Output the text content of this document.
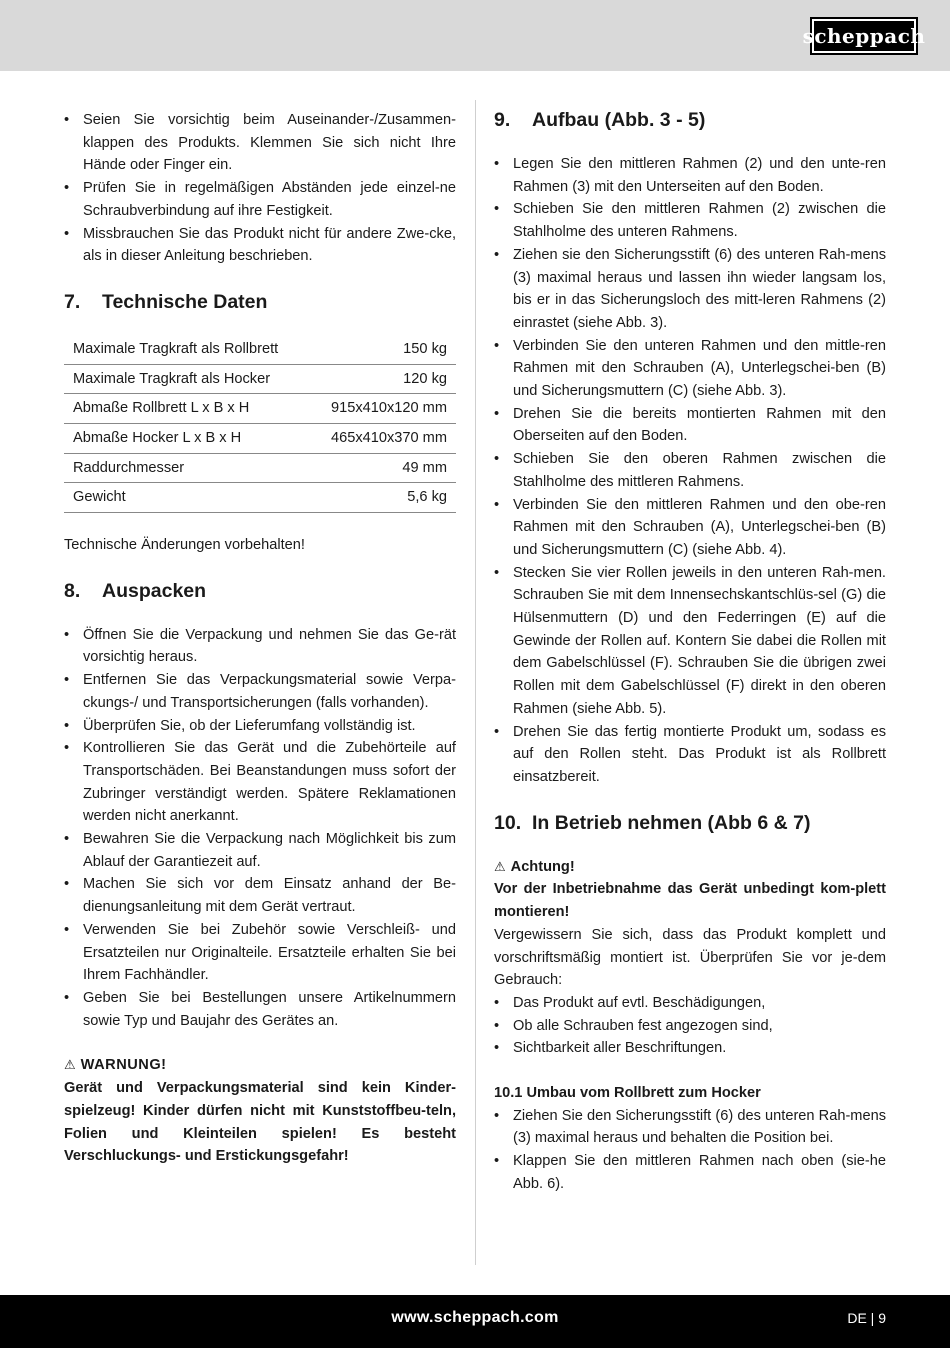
scheppach
• Seien Sie vorsichtig beim Auseinander-/Zusammen-klappen des Produkts. Klemmen Sie sich nicht Ihre Hände oder Finger ein.
• Prüfen Sie in regelmäßigen Abständen jede einzel-ne Schraubverbindung auf ihre Festigkeit.
• Missbrauchen Sie das Produkt nicht für andere Zwe-cke, als in dieser Anleitung beschrieben.
7.	Technische Daten
Maximale Tragkraft als Rollbrett	150 kg
Maximale Tragkraft als Hocker	120 kg
Abmaße Rollbrett L x B x H	915x410x120 mm
Abmaße Hocker L x B x H	465x410x370 mm
Raddurchmesser	49 mm
Gewicht	5,6 kg

Technische Änderungen vorbehalten!

8.	Auspacken
• Öffnen Sie die Verpackung und nehmen Sie das Ge-rät vorsichtig heraus.
• Entfernen Sie das Verpackungsmaterial sowie Verpa-ckungs-/ und Transportsicherungen (falls vorhanden).
• Überprüfen Sie, ob der Lieferumfang vollständig ist.
• Kontrollieren Sie das Gerät und die Zubehörteile auf Transportschäden. Bei Beanstandungen muss sofort der Zubringer verständigt werden. Spätere Reklamationen werden nicht anerkannt.
• Bewahren Sie die Verpackung nach Möglichkeit bis zum Ablauf der Garantiezeit auf.
• Machen Sie sich vor dem Einsatz anhand der Be-dienungsanleitung mit dem Gerät vertraut.
• Verwenden Sie bei Zubehör sowie Verschleiß- und Ersatzteilen nur Originalteile. Ersatzteile erhalten Sie bei Ihrem Fachhändler.
• Geben Sie bei Bestellungen unsere Artikelnummern sowie Typ und Baujahr des Gerätes an.
⚠ WARNUNG!

Gerät und Verpackungsmaterial sind kein Kinder-spielzeug! Kinder dürfen nicht mit Kunststoffbeu-teln, Folien und Kleinteilen spielen! Es besteht Verschluckungs- und Erstickungsgefahr!

9.	Aufbau (Abb. 3 - 5)
• Legen Sie den mittleren Rahmen (2) und den unte-ren Rahmen (3) mit den Unterseiten auf den Boden.
• Schieben Sie den mittleren Rahmen (2) zwischen die Stahlholme des unteren Rahmens.
• Ziehen sie den Sicherungsstift (6) des unteren Rah-mens (3) maximal heraus und lassen ihn wieder langsam los, bis er in das Sicherungsloch des mitt-leren Rahmens (2) einrastet (siehe Abb. 3).
• Verbinden Sie den unteren Rahmen und den mittle-ren Rahmen mit den Schrauben (A), Unterlegschei-ben (B) und Sicherungsmuttern (C) (siehe Abb. 3).
• Drehen Sie die bereits montierten Rahmen mit den Oberseiten auf den Boden.
• Schieben Sie den oberen Rahmen zwischen die Stahlholme des mittleren Rahmens.
• Verbinden Sie den mittleren Rahmen und den obe-ren Rahmen mit den Schrauben (A), Unterlegschei-ben (B) und Sicherungsmuttern (C) (siehe Abb. 4).
• Stecken Sie vier Rollen jeweils in den unteren Rah-men. Schrauben Sie mit dem Innensechskantschlüs-sel (G) die Hülsenmuttern (D) und den Federringen (E) auf die Gewinde der Rollen auf. Kontern Sie dabei die Rollen mit dem Gabelschlüssel (F). Schrauben Sie die übrigen zwei Rollen mit dem Gabelschlüssel (F) direkt in den oberen Rahmen (siehe Abb. 5).
• Drehen Sie das fertig montierte Produkt um, sodass es auf den Rollen steht. Das Produkt ist als Rollbrett einsatzbereit.
10. In Betrieb nehmen (Abb 6 & 7)
⚠ Achtung!

Vor der Inbetriebnahme das Gerät unbedingt kom-plett montieren!

Vergewissern Sie sich, dass das Produkt komplett und vorschriftsmäßig montiert ist. Überprüfen Sie vor je-dem Gebrauch:

• Das Produkt auf evtl. Beschädigungen,
• Ob alle Schrauben fest angezogen sind,
• Sichtbarkeit aller Beschriftungen.
10.1 Umbau vom Rollbrett zum Hocker
• Ziehen Sie den Sicherungsstift (6) des unteren Rah-mens (3) maximal heraus und behalten die Position bei.
• Klappen Sie den mittleren Rahmen nach oben (sie-he Abb. 6).
www.scheppach.com	DE | 9
